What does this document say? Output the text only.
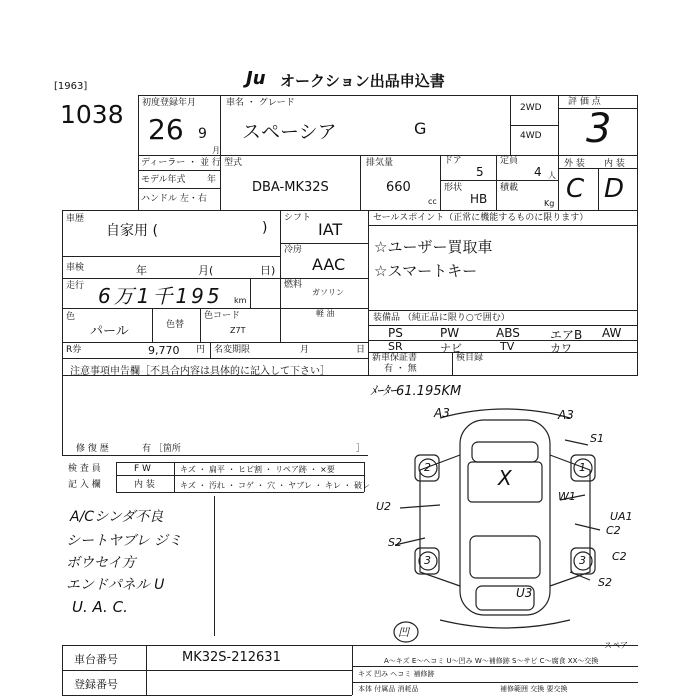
[1963]
1038
Ju オークション出品申込書
初度登録年月
26 9
月
車名 ・ グレード
スペーシア	G
2WD
4WD
評 価 点
3
外 装 内 装
C D
ディーラー ・ 並 行
モデル年式 年
ハンドル 左・右
型式
DBA-MK32S
排気量
660
cc
ドア
5
定員
4 人
形状
HB
積載
Kg
車歴
自家用 (	)
車検	年	月(	日)
走行 6万1千195 km
色
パール	色替
色コード
Z7T
シフト
IAT
冷房
AAC
燃料
ガソリン
軽 油
セールスポイント（正常に機能するものに限ります）
☆ユーザー買取車
☆スマートキー
装備品 （純正品に限り○で囲む）
PS	PW	ABS	エアB AW
SR	ナビ	TV	カワ
新車保証書
有 ・ 無
検目録
R券	9,770 円 名変期限	月	日
注意事項申告欄［不具合内容は具体的に記入して下さい］
修 復 歴	有 ［箇所	］
検 査 員
記 入 欄
F W
内 装
キズ ・ 扁平 ・ ヒビ割 ・ リペア跡 ・ ×要
キズ ・ 汚れ ・ コゲ ・ 穴 ・ ヤブレ ・ キレ ・ 破レ
A/Cシンダ不良
シートヤブレ ジミ
ボウセイ方
エンドパネル U
U. A. C.
ﾒｰﾀｰ61.195KM
X
A3	A3
S1
U2
W1
UA1
C2
S2
C2
S2
U3
2	1
3	3
凹
車台番号	MK32S-212631
登録番号
A～キズ E～ヘコミ U～凹み W～補修跡 S～サビ C～腐食 XX～交換
キズ 凹み ヘコミ 補修跡
本体 付属品 消耗品	補修範囲 交換 要交換
